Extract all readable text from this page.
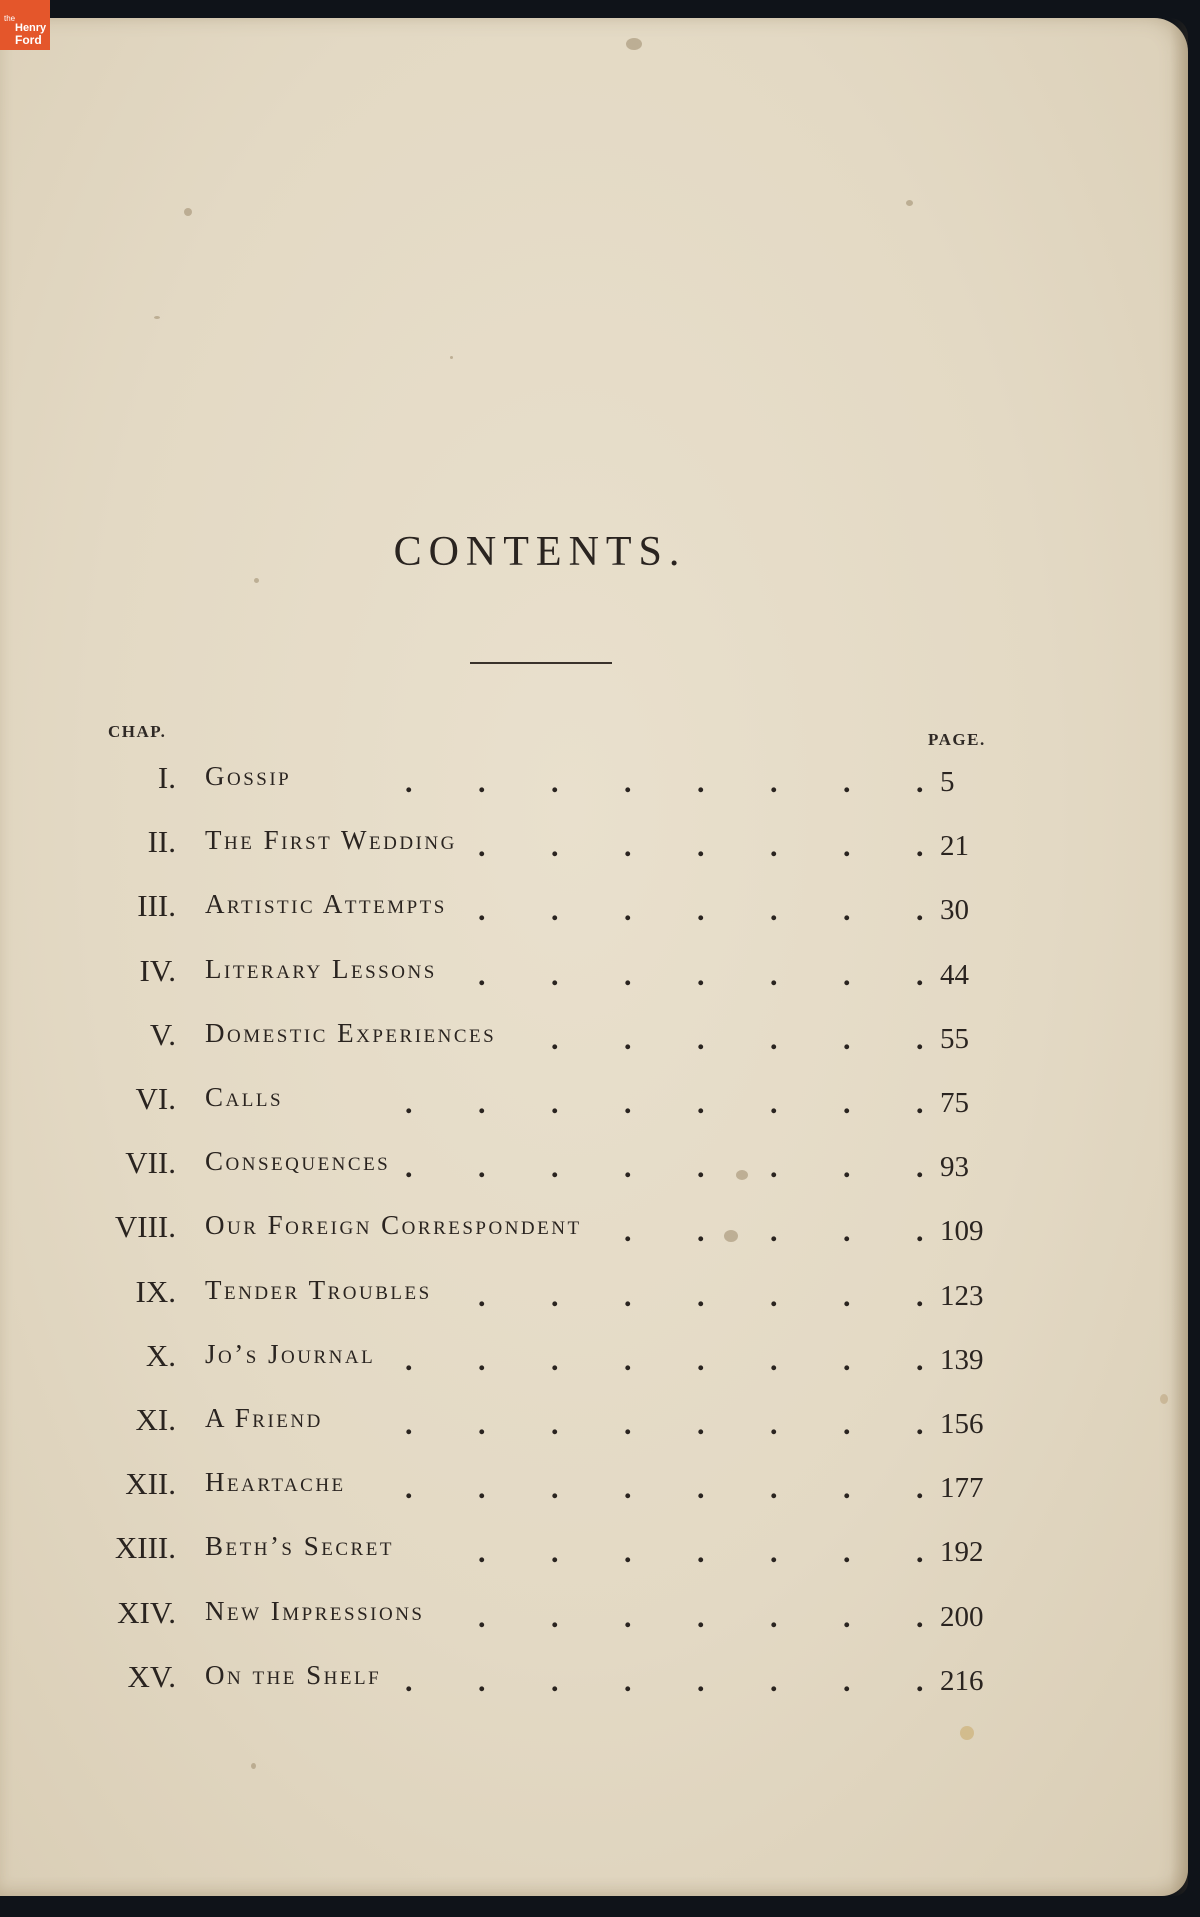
the
Henry
Ford
CONTENTS.
CHAP.	PAGE.
I. Gossip	. . . . . . . . 5
II. The First Wedding . . . . . . . 21
III. Artistic Attempts . . . . . . . 30
IV. Literary Lessons . . . . . . . 44
V. Domestic Experiences . . . . . . 55
VI. Calls	. . . . . . . . 75
VII. Consequences . . . . . . . . 93
VIII. Our Foreign Correspondent . . . . . 109
IX. Tender Troubles . . . . . . . 123
X. Jo’s Journal . . . . . . . . 139
XI. A Friend	. . . . . . . . 156
XII. Heartache . . . . . . . . 177
XIII. Beth’s Secret	. . . . . . . 192
XIV. New Impressions . . . . . . . 200
XV. On the Shelf . . . . . . . . 216
